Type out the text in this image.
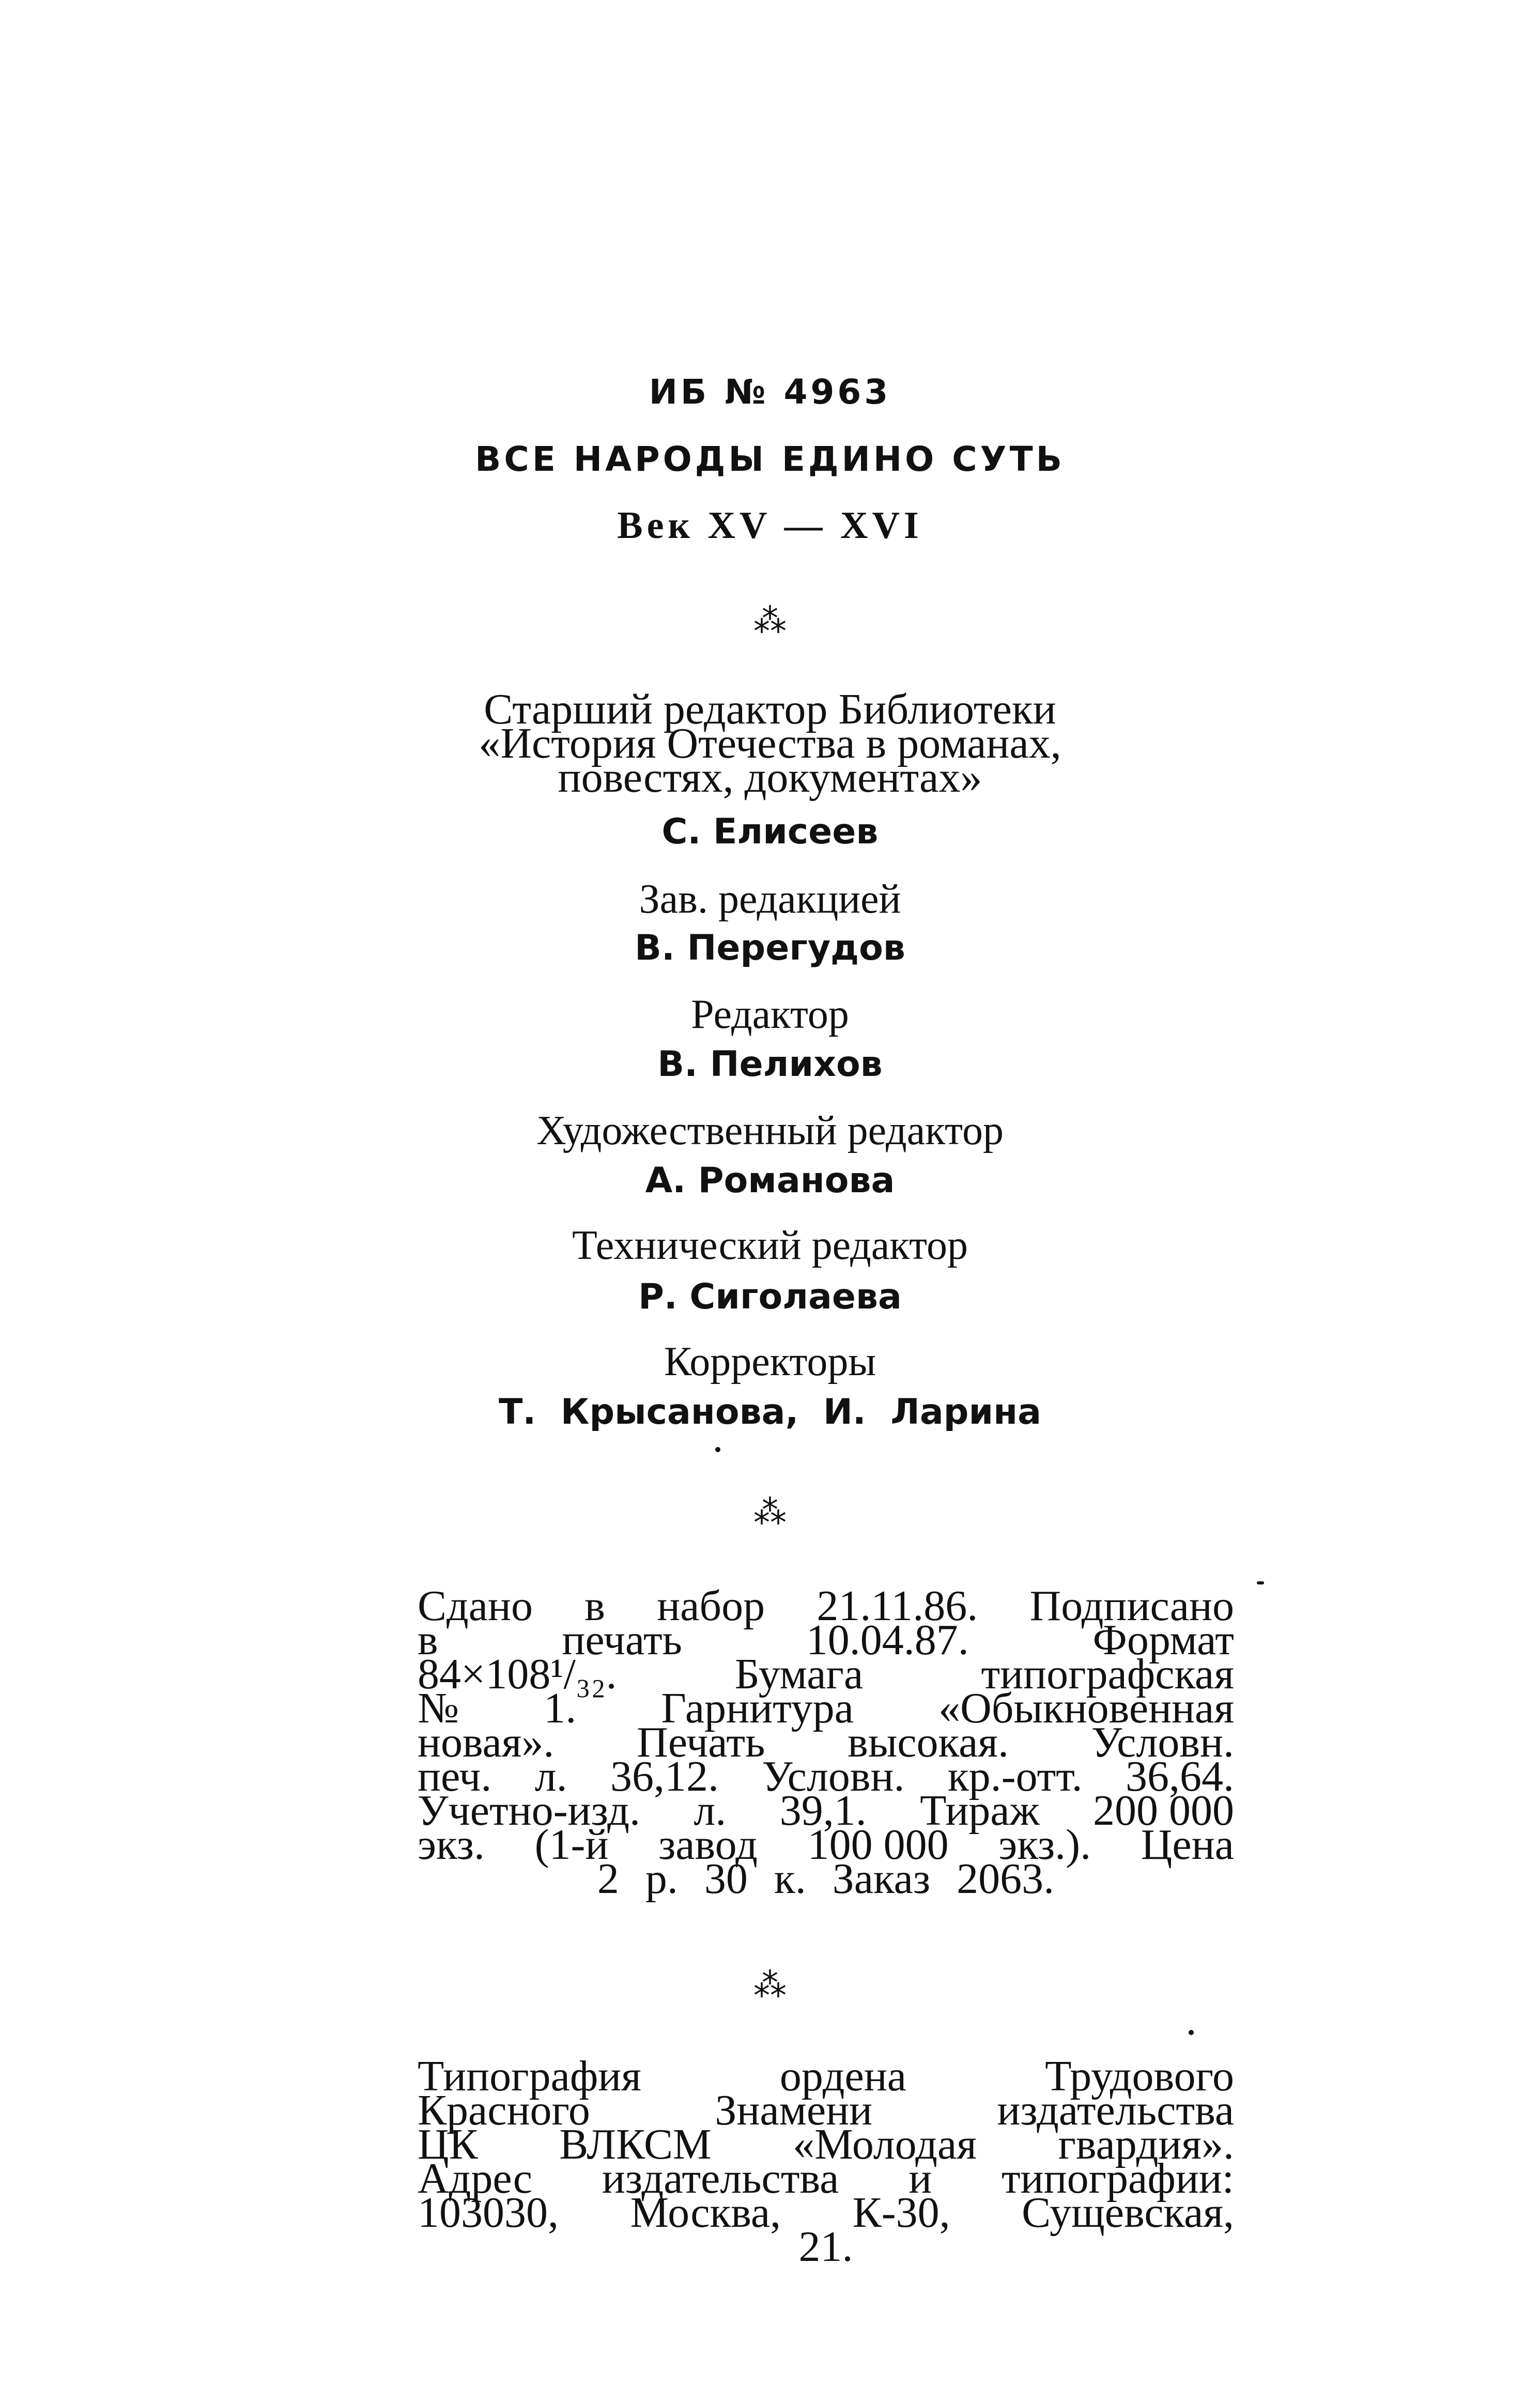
ИБ № 4963
ВСЕ НАРОДЫ ЕДИНО СУТЬ
Век XV — XVI
⁂
Старший редактор Библиотеки
«История Отечества в романах,
повестях, документах»
С. Елисеев
Зав. редакцией
В. Перегудов
Редактор
В. Пелихов
Художественный редактор
А. Романова
Технический редактор
Р. Сиголаева
Корректоры
Т. Крысанова, И. Ларина
⁂
Сдано в набор 21.11.86. Подписано
в	печать	10.04.87.	Формат
84×108¹/₃₂.	Бумага	типографская
№ 1. Гарнитура «Обыкновенная
новая». Печать высокая. Условн.
печ. л. 36,12. Условн. кр.-отт. 36,64.
Учетно-изд. л. 39,1. Тираж 200 000
экз. (1-й завод 100 000 экз.). Цена
2 р. 30 к. Заказ 2063.
⁂
Типография	ордена	Трудового
Красного	Знамени	издательства
ЦК ВЛКСМ «Молодая гвардия».
Адрес издательства и типографии:
103030, Москва, К-30, Сущевская,
21.
